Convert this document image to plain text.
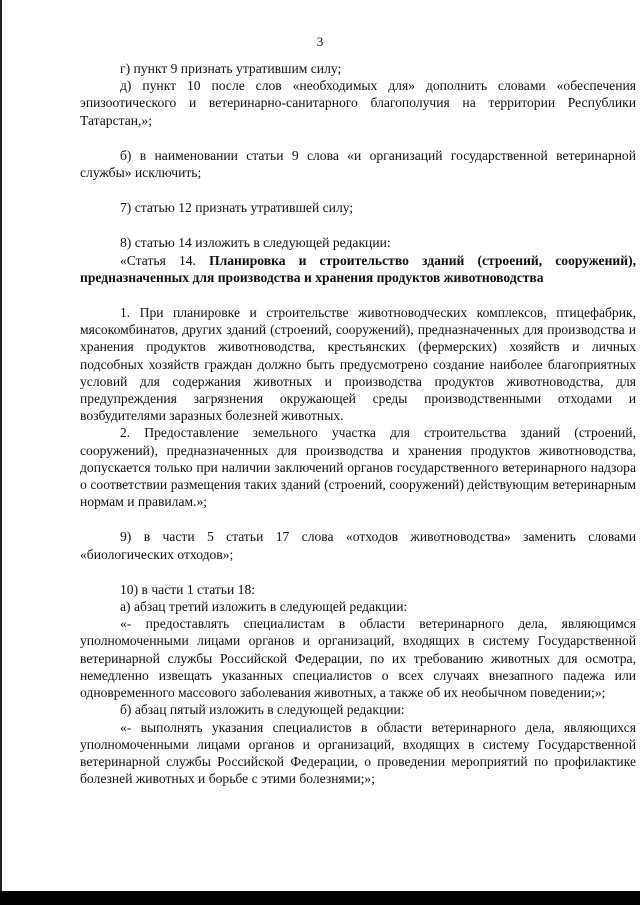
3

г) пункт 9 признать утратившим силу;

д) пункт 10 после слов «необходимых для» дополнить словами «обеспечения эпизоотического и ветеринарно-санитарного благополучия на территории Республики Татарстан,»;

б) в наименовании статьи 9 слова «и организаций государственной ветеринарной службы» исключить;

7) статью 12 признать утратившей силу;

8) статью 14 изложить в следующей редакции:

«Статья 14. Планировка и строительство зданий (строений, сооружений), предназначенных для производства и хранения продуктов животноводства

1. При планировке и строительстве животноводческих комплексов, птицефабрик, мясокомбинатов, других зданий (строений, сооружений), предназначенных для производства и хранения продуктов животноводства, крестьянских (фермерских) хозяйств и личных подсобных хозяйств граждан должно быть предусмотрено создание наиболее благоприятных условий для содержания животных и производства продуктов животноводства, для предупреждения загрязнения окружающей среды производственными отходами и возбудителями заразных болезней животных.

2. Предоставление земельного участка для строительства зданий (строений, сооружений), предназначенных для производства и хранения продуктов животноводства, допускается только при наличии заключений органов государственного ветеринарного надзора о соответствии размещения таких зданий (строений, сооружений) действующим ветеринарным нормам и правилам.»;

9) в части 5 статьи 17 слова «отходов животноводства» заменить словами «биологических отходов»;

10) в части 1 статьи 18:

а) абзац третий изложить в следующей редакции:

«- предоставлять специалистам в области ветеринарного дела, являющимся уполномоченными лицами органов и организаций, входящих в систему Государственной ветеринарной службы Российской Федерации, по их требованию животных для осмотра, немедленно извещать указанных специалистов о всех случаях внезапного падежа или одновременного массового заболевания животных, а также об их необычном поведении;»;

б) абзац пятый изложить в следующей редакции:

«- выполнять указания специалистов в области ветеринарного дела, являющихся уполномоченными лицами органов и организаций, входящих в систему Государственной ветеринарной службы Российской Федерации, о проведении мероприятий по профилактике болезней животных и борьбе с этими болезнями;»;
